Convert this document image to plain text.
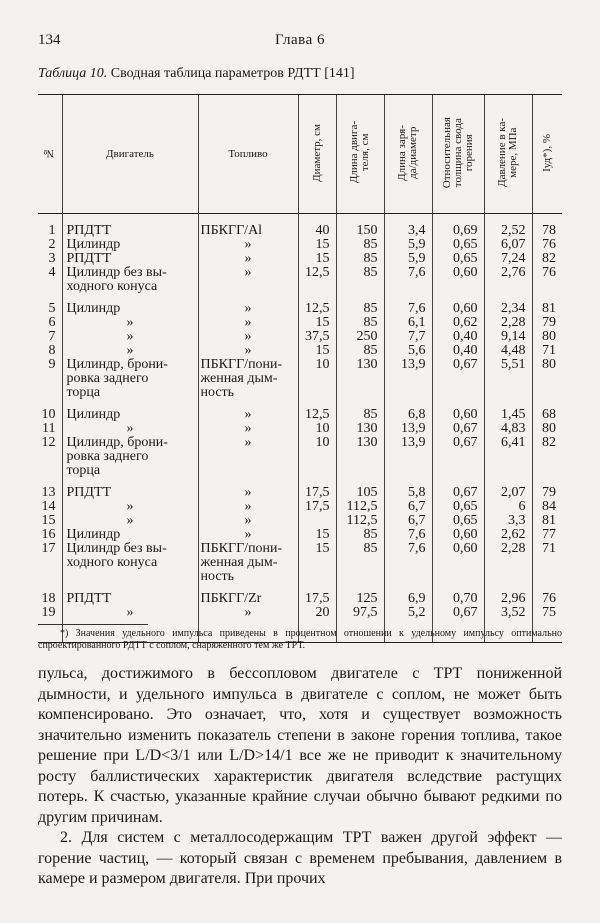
134	Глава 6
Таблица 10. Сводная таблица параметров РДТТ [141]
№	Двигатель	Топливо	Диаметр, см	Длина двига-
теля, см	Длина заря-
да/диаметр	Относительная
толщина свода
горения	Давление в ка-
мере, МПа	Iуд*), %
1	РПДТТ	ПБКГГ/Al	40	150	3,4	0,69	2,52	78
2	Цилиндр	»	15	85	5,9	0,65	6,07	76
3	РПДТТ	»	15	85	5,9	0,65	7,24	82
4	Цилиндр без вы-
ходного конуса	»	12,5	85	7,6	0,60	2,76	76
5	Цилиндр	»	12,5	85	7,6	0,60	2,34	81
6	»	»	15	85	6,1	0,62	2,28	79
7	»	»	37,5	250	7,7	0,40	9,14	80
8	»	»	15	85	5,6	0,40	4,48	71
9	Цилиндр, брони-
ровка заднего
торца	ПБКГГ/пони-
женная дым-
ность	10	130	13,9	0,67	5,51	80
10	Цилиндр	»	12,5	85	6,8	0,60	1,45	68
11	»	»	10	130	13,9	0,67	4,83	80
12	Цилиндр, брони-
ровка заднего
торца	»	10	130	13,9	0,67	6,41	82
13	РПДТТ	»	17,5	105	5,8	0,67	2,07	79
14	»	»	17,5	112,5	6,7	0,65	6	84
15	»	»		112,5	6,7	0,65	3,3	81
16	Цилиндр	»	15	85	7,6	0,60	2,62	77
17	Цилиндр без вы-
ходного конуса	ПБКГГ/пони-
женная дым-
ность	15	85	7,6	0,60	2,28	71
18	РПДТТ	ПБКГГ/Zr	17,5	125	6,9	0,70	2,96	76
19	»	»	20	97,5	5,2	0,67	3,52	75
*) Значения удельного импульса приведены в процентном отношении к удельному импульсу оптимально спроектированного РДТТ с соплом, снаряженного тем же ТРТ.

пульса, достижимого в бессопловом двигателе с ТРТ пониженной дымности, и удельного импульса в двигателе с соплом, не может быть компенсировано. Это означает, что, хотя и существует возможность значительно изменить показатель степени в законе горения топлива, такое решение при L/D<3/1 или L/D>14/1 все же не приводит к значительному росту баллистических характеристик двигателя вследствие растущих потерь. К счастью, указанные крайние случаи обычно бывают редкими по другим причинам.

2. Для систем с металлосодержащим ТРТ важен другой эффект — горение частиц, — который связан с временем пребывания, давлением в камере и размером двигателя. При прочих
